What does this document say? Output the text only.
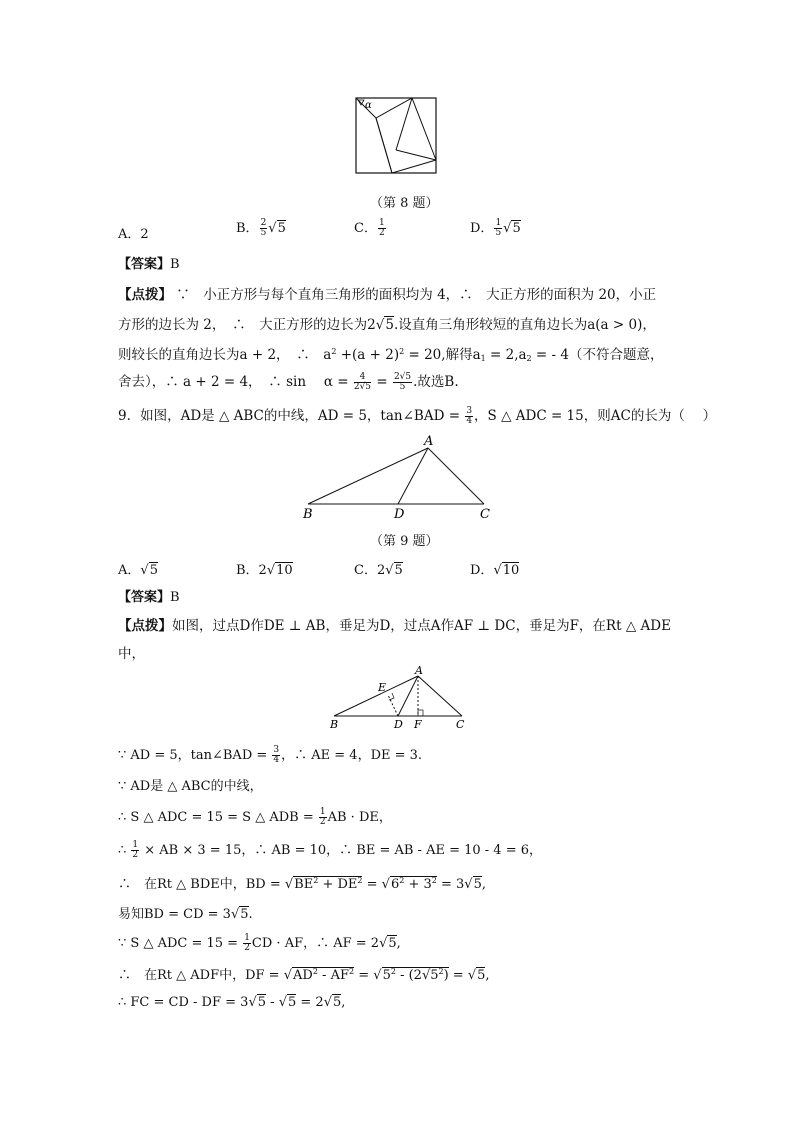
α
（第 8 题）
A．2	B． $\frac{2}{5} √5$	C． $\frac{1}{2}$	D． $\frac{1}{5} √5$
【答案】B
【点拨】 ∵　小正方形与每个直角三角形的面积均为 4，∴　大正方形的面积为 20，小正
方形的边长为 2，　∴　大正方形的边长为2√5.设直角三角形较短的直角边长为a(a > 0)，
则较长的直角边长为a + 2，　∴　$a^2 +(a + 2)^2 = 20$,解得$a_1 = 2,a_2$ = - 4（不符合题意，
舍去），∴ a + 2 = 4，　∴ sin　 $\alpha = \frac{4}{2√5} = \frac{2√5}{5}$ .故选B.
9．如图，AD是 △ ABC的中线，AD = 5，tan∠BAD = $\frac{3}{4}$ ，S △ ADC = 15，则AC的长为（　 ）
A
B	D	C
（第 9 题）
A．√5	B．2√10	C．2√5	D．√10
【答案】B
【点拨】如图，过点D作DE ⊥ AB，垂足为D，过点A作AF ⊥ DC，垂足为F，在Rt △ ADE
中，
A
E
B	D F	C
∵ AD = 5，tan∠BAD = $\frac{3}{4}$ ，∴ AE = 4，DE = 3.
∵ AD是 △ ABC的中线，
∴ S △ ADC = 15 = S △ ADB = $\frac{1}{2}$ AB · DE，
∴ $\frac{1}{2}$ × AB × 3 = 15，∴ AB = 10，∴ BE = AB - AE = 10 - 4 = 6，
∴　在Rt △ BDE中，BD = $√BE^2 + DE^2 = √6^2 + 3^2 = 3√5$,
易知BD = CD = 3√5.
∵ S △ ADC = $15 = \frac{1}{2}$ CD · AF，∴ AF = 2√5,
∴　在Rt △ ADF中，DF = $√AD^2 - AF^2 = √5^2 - (2√5^2) = √5$,
∴ FC = CD - DF = 3√5 - √5 = 2√5,
